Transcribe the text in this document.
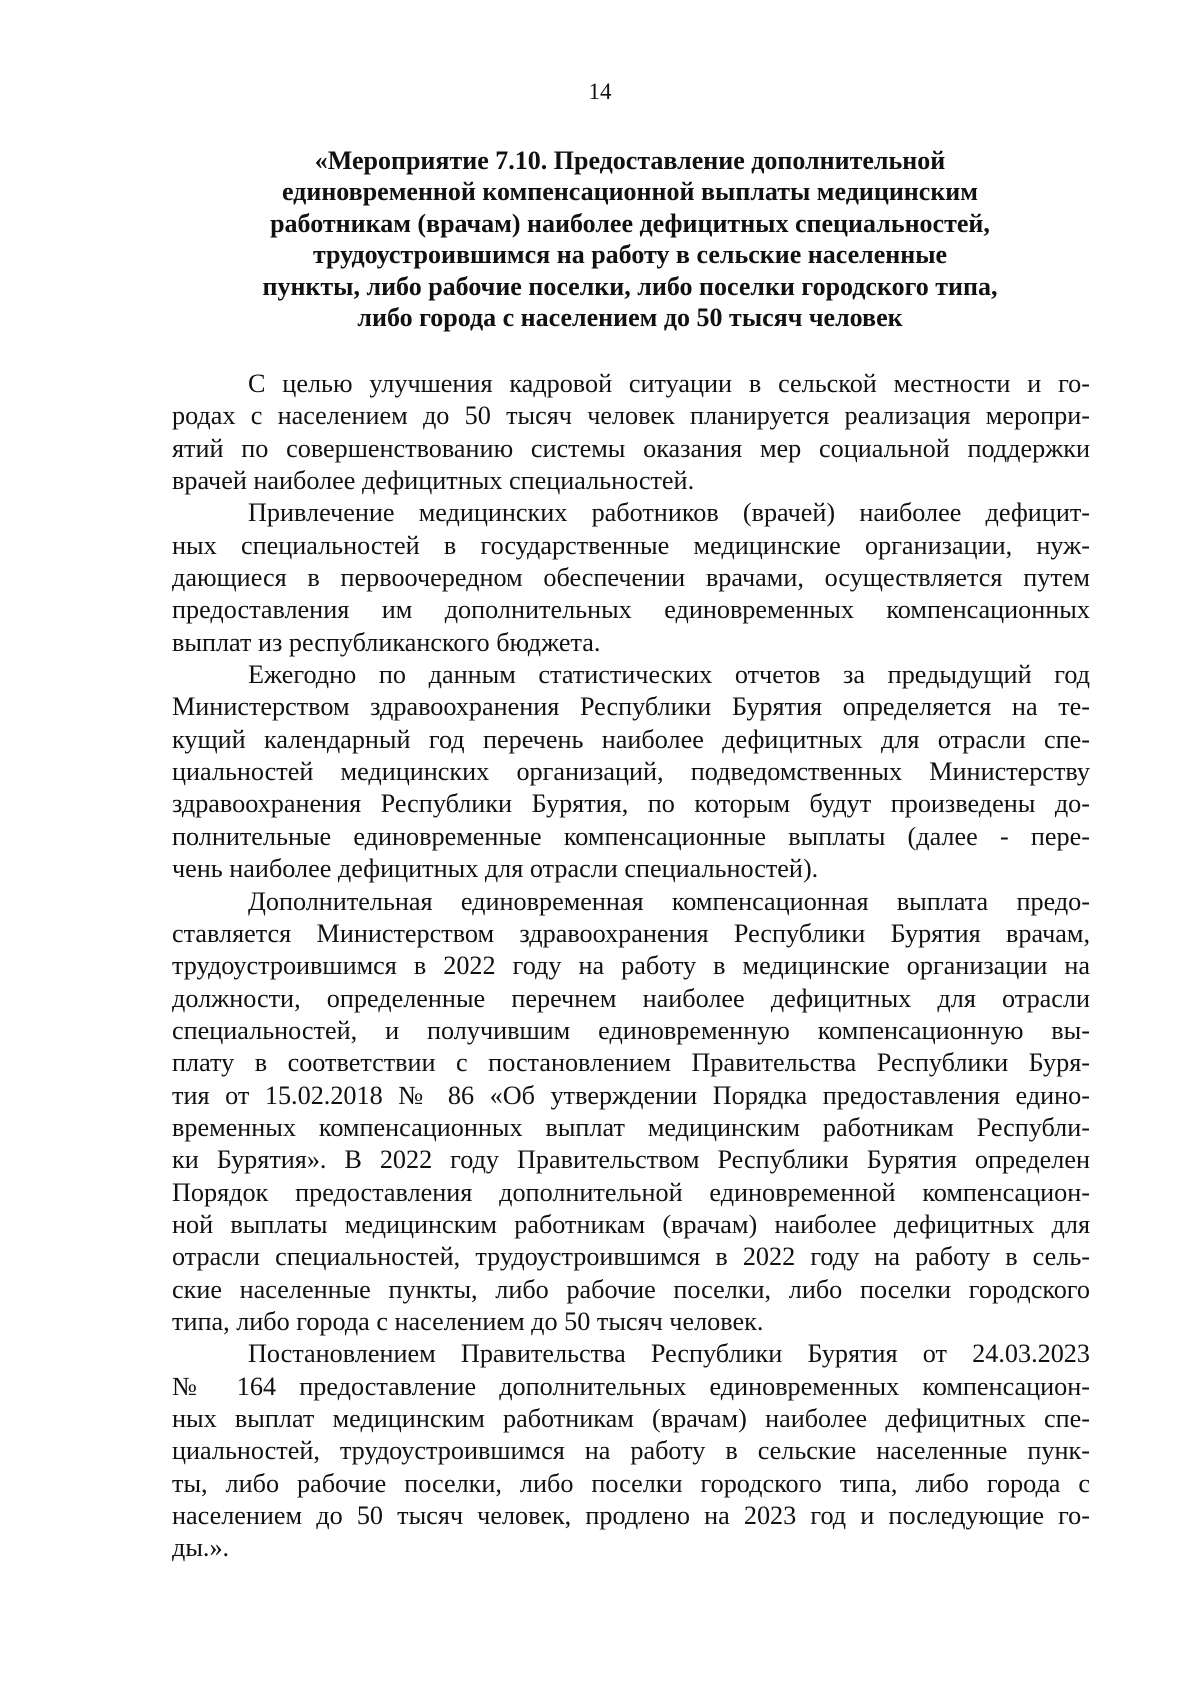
14
«Мероприятие 7.10. Предоставление дополнительной
единовременной компенсационной выплаты медицинским
работникам (врачам) наиболее дефицитных специальностей,
трудоустроившимся на работу в сельские населенные
пункты, либо рабочие поселки, либо поселки городского типа,
либо города с населением до 50 тысяч человек

С целью улучшения кадровой ситуации в сельской местности и го-
родах с населением до 50 тысяч человек планируется реализация меропри-
ятий по совершенствованию системы оказания мер социальной поддержки
врачей наиболее дефицитных специальностей.

Привлечение медицинских работников (врачей) наиболее дефицит-
ных специальностей в государственные медицинские организации, нуж-
дающиеся в первоочередном обеспечении врачами, осуществляется путем
предоставления им дополнительных единовременных компенсационных
выплат из республиканского бюджета.

Ежегодно по данным статистических отчетов за предыдущий год
Министерством здравоохранения Республики Бурятия определяется на те-
кущий календарный год перечень наиболее дефицитных для отрасли спе-
циальностей медицинских организаций, подведомственных Министерству
здравоохранения Республики Бурятия, по которым будут произведены до-
полнительные единовременные компенсационные выплаты (далее - пере-
чень наиболее дефицитных для отрасли специальностей).

Дополнительная единовременная компенсационная выплата предо-
ставляется Министерством здравоохранения Республики Бурятия врачам,
трудоустроившимся в 2022 году на работу в медицинские организации на
должности, определенные перечнем наиболее дефицитных для отрасли
специальностей, и получившим единовременную компенсационную вы-
плату в соответствии с постановлением Правительства Республики Буря-
тия от 15.02.2018 № 86 «Об утверждении Порядка предоставления едино-
временных компенсационных выплат медицинским работникам Республи-
ки Бурятия». В 2022 году Правительством Республики Бурятия определен
Порядок предоставления дополнительной единовременной компенсацион-
ной выплаты медицинским работникам (врачам) наиболее дефицитных для
отрасли специальностей, трудоустроившимся в 2022 году на работу в сель-
ские населенные пункты, либо рабочие поселки, либо поселки городского
типа, либо города с населением до 50 тысяч человек.

Постановлением Правительства Республики Бурятия от 24.03.2023
№ 164 предоставление дополнительных единовременных компенсацион-
ных выплат медицинским работникам (врачам) наиболее дефицитных спе-
циальностей, трудоустроившимся на работу в сельские населенные пунк-
ты, либо рабочие поселки, либо поселки городского типа, либо города с
населением до 50 тысяч человек, продлено на 2023 год и последующие го-
ды.».
